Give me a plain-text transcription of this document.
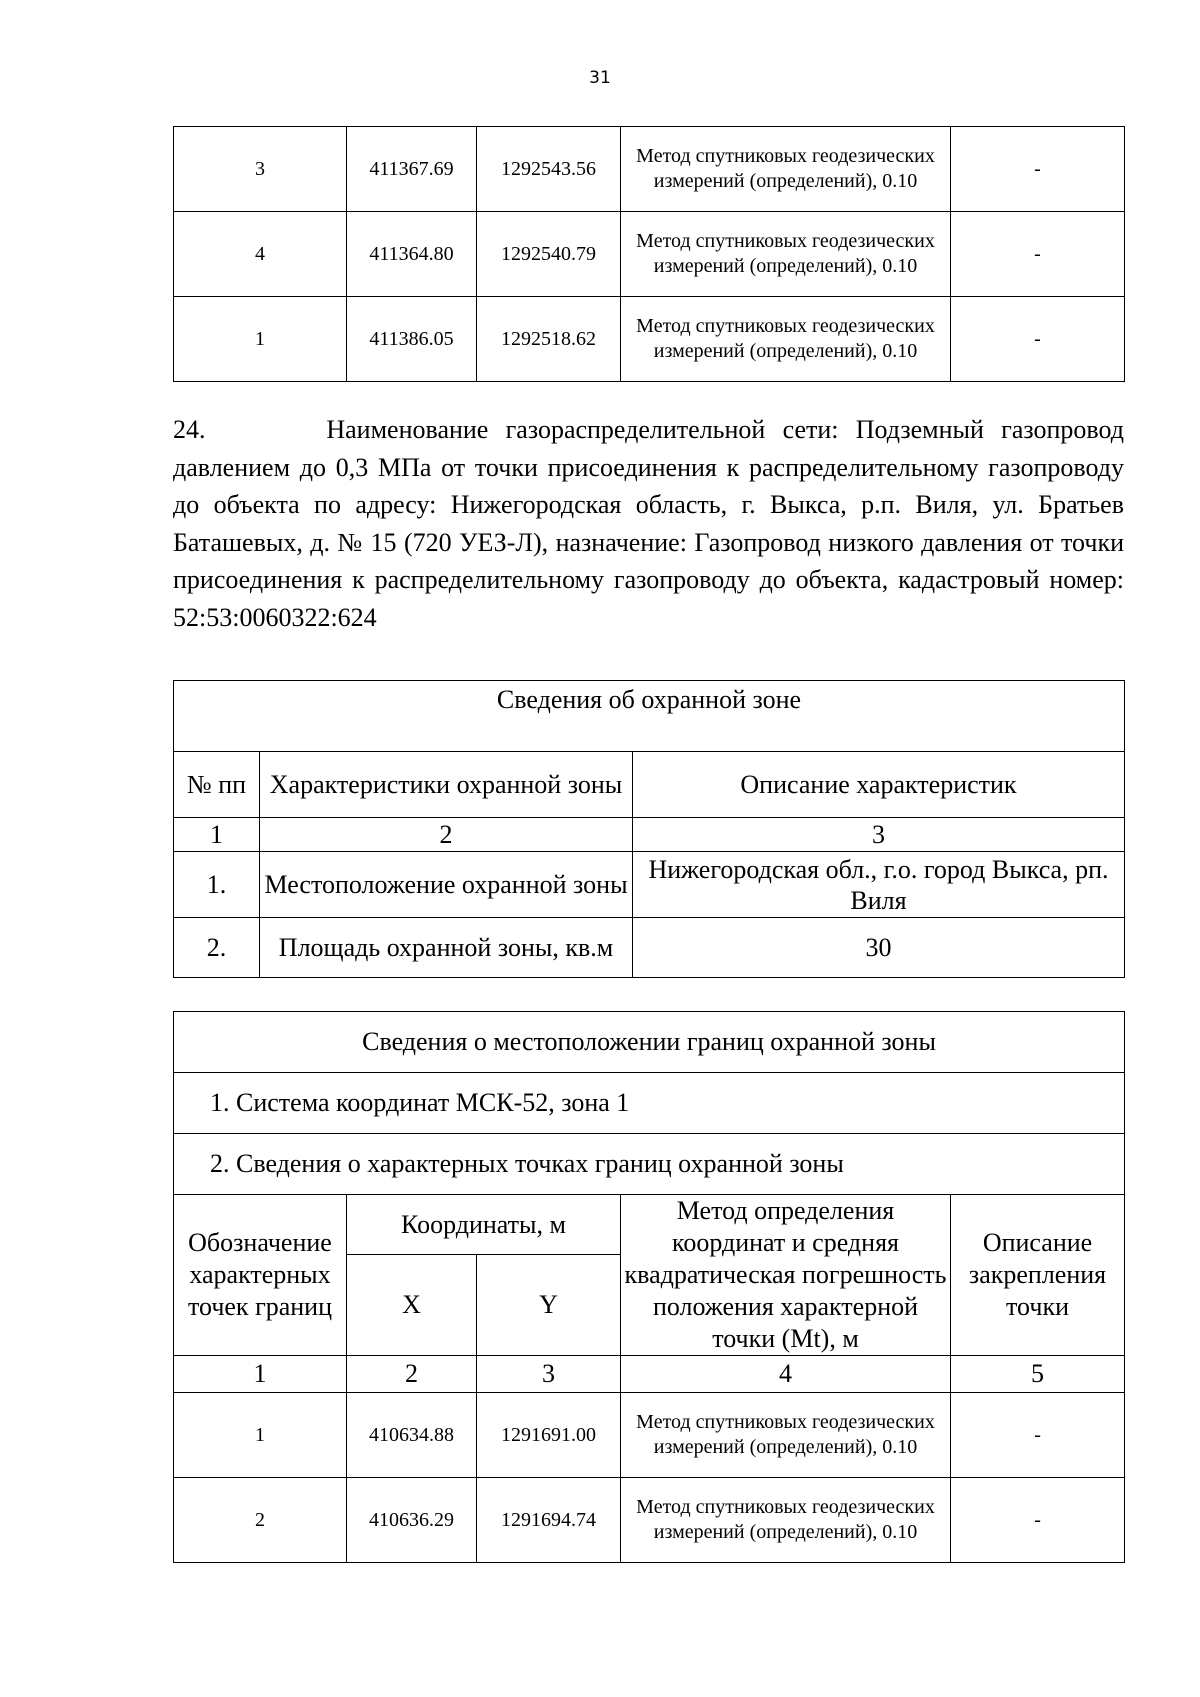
31
3	411367.69	1292543.56	Метод спутниковых геодезических измерений (определений), 0.10	-
4	411364.80	1292540.79	Метод спутниковых геодезических измерений (определений), 0.10	-
1	411386.05	1292518.62	Метод спутниковых геодезических измерений (определений), 0.10	-

24.       Наименование газораспределительной сети: Подземный газопровод давлением до 0,3 МПа от точки присоединения к распределительному газопроводу до объекта по адресу: Нижегородская область, г. Выкса, р.п. Виля, ул. Братьев Баташевых, д. № 15 (720 УЕЗ-Л), назначение: Газопровод низкого давления от точки присоединения к распределительному газопроводу до объекта, кадастровый номер: 52:53:0060322:624

Сведения об охранной зоне		
№ пп	Характеристики охранной зоны	Описание характеристик
1	2	3
1.	Местоположение охранной зоны	Нижегородская обл., г.о. город Выкса, рп. Виля
2.	Площадь охранной зоны, кв.м	30
Сведения о местоположении границ охранной зоны				
1. Система координат МСК-52, зона 1				
2. Сведения о характерных точках границ охранной зоны				
Обозначение характерных точек границ	Координаты, м		Метод определения координат и средняя квадратическая погрешность положения характерной точки (Mt), м	Описание закрепления точки
	X	Y		
1	2	3	4	5
1	410634.88	1291691.00	Метод спутниковых геодезических измерений (определений), 0.10	-
2	410636.29	1291694.74	Метод спутниковых геодезических измерений (определений), 0.10	-
